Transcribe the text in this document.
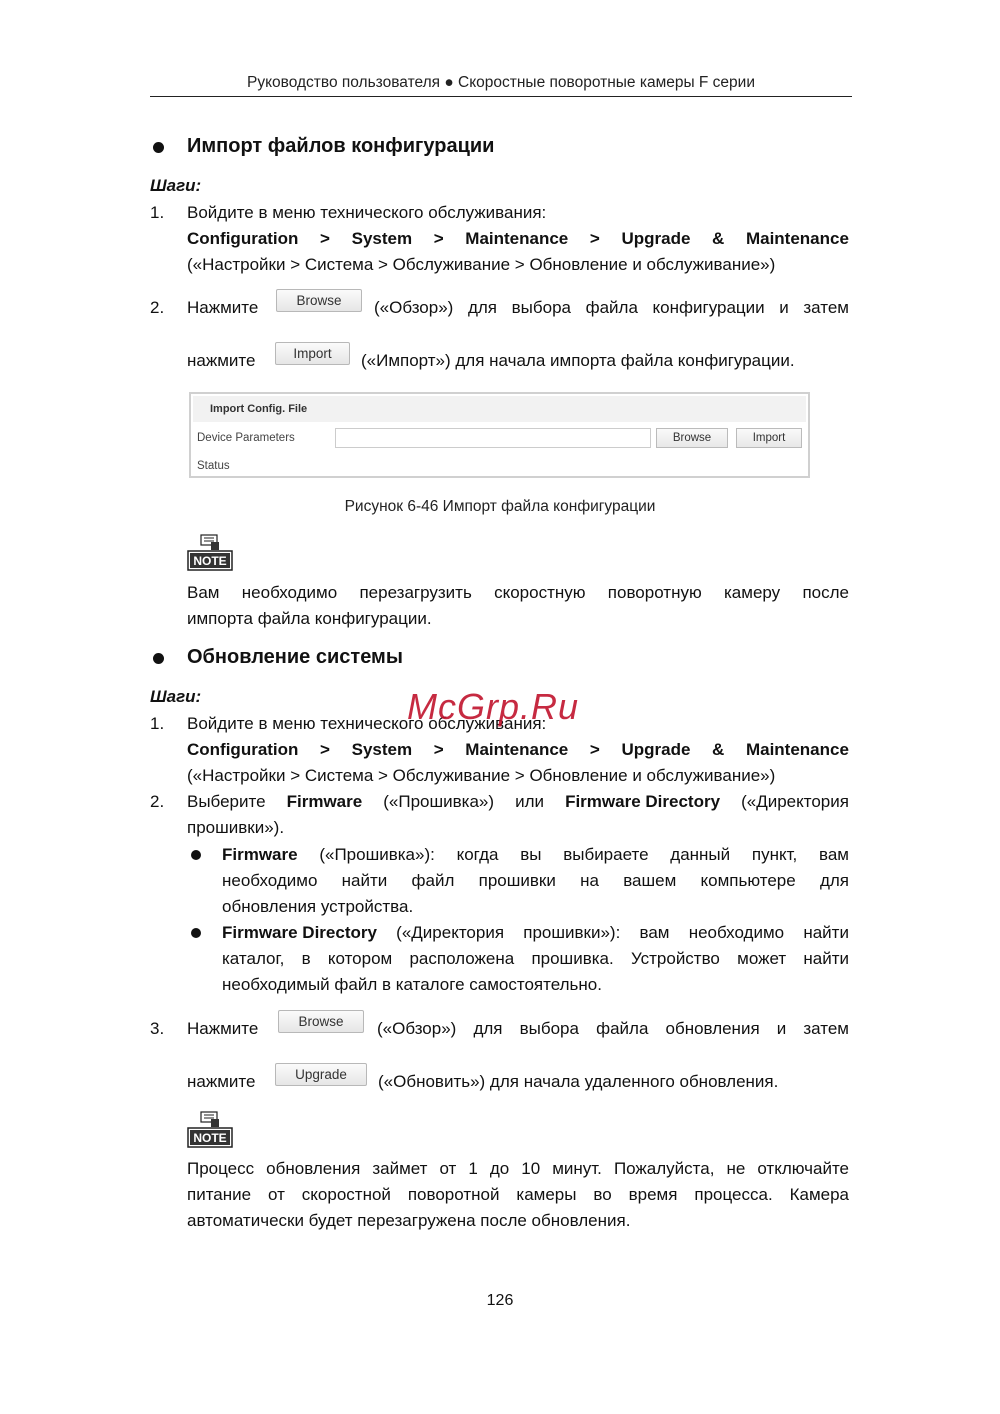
Руководство пользователя ● Скоростные поворотные камеры F серии
Импорт файлов конфигурации
Шаги:
1. Войдите в меню технического обслуживания:
Configuration > System > Maintenance > Upgrade & Maintenance
(«Настройки > Система > Обслуживание > Обновление и обслуживание»)
2. Нажмите	Browse	(«Обзор») для выбора файла конфигурации и затем
нажмите	Import	(«Импорт») для начала импорта файла конфигурации.
Import Config. File
Device Parameters	Browse	Import
Status
Рисунок 6-46 Импорт файла конфигурации
NOTE
Вам необходимо перезагрузить скоростную поворотную камеру после
импорта файла конфигурации.
Обновление системы
Шаги:
1. Войдите в меню технического обслуживания:
Configuration > System > Maintenance > Upgrade & Maintenance
(«Настройки > Система > Обслуживание > Обновление и обслуживание»)
2. Выберите Firmware («Прошивка») или Firmware Directory («Директория
прошивки»).
Firmware («Прошивка»): когда вы выбираете данный пункт, вам
необходимо найти файл прошивки на вашем компьютере для
обновления устройства.
Firmware Directory («Директория прошивки»): вам необходимо найти
каталог, в котором расположена прошивка. Устройство может найти
необходимый файл в каталоге самостоятельно.
3. Нажмите	Browse	(«Обзор») для выбора файла обновления и затем
нажмите	Upgrade	(«Обновить») для начала удаленного обновления.
NOTE
Процесс обновления займет от 1 до 10 минут. Пожалуйста, не отключайте
питание от скоростной поворотной камеры во время процесса. Камера
автоматически будет перезагружена после обновления.
McGrp.Ru
126
